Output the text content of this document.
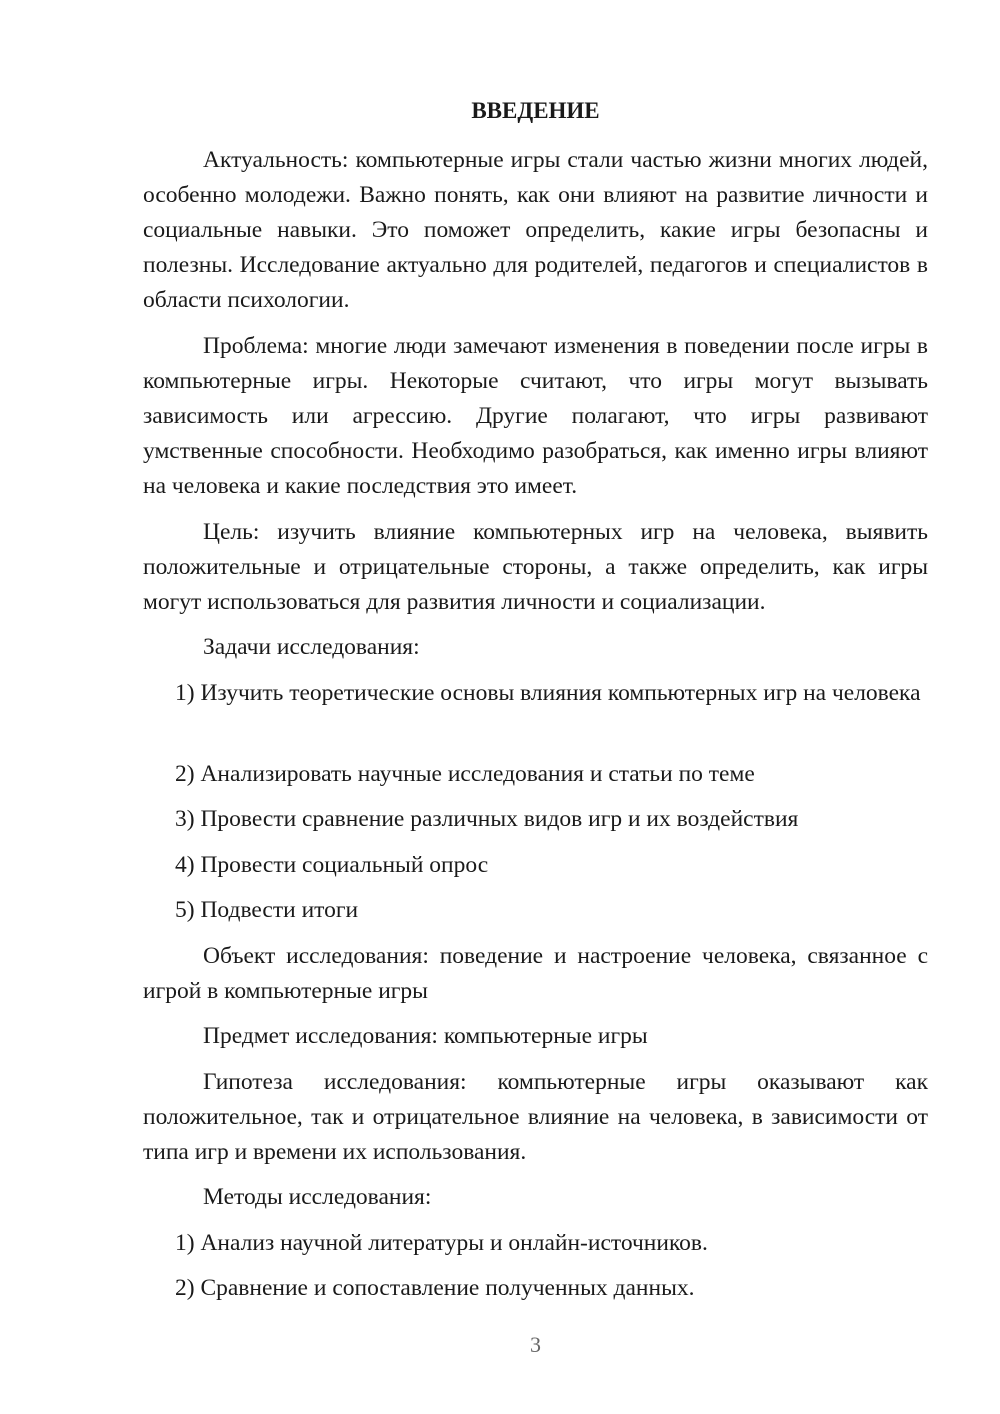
ВВЕДЕНИЕ

Актуальность: компьютерные игры стали частью жизни многих людей, особенно молодежи. Важно понять, как они влияют на развитие личности и социальные навыки. Это поможет определить, какие игры безопасны и полезны. Исследование актуально для родителей, педагогов и специалистов в области психологии.

Проблема: многие люди замечают изменения в поведении после игры в компьютерные игры. Некоторые считают, что игры могут вызывать зависимость или агрессию. Другие полагают, что игры развивают умственные способности. Необходимо разобраться, как именно игры влияют на человека и какие последствия это имеет.

Цель: изучить влияние компьютерных игр на человека, выявить положительные и отрицательные стороны, а также определить, как игры могут использоваться для развития личности и социализации.

Задачи исследования:

1) Изучить теоретические основы влияния компьютерных игр на человека

2) Анализировать научные исследования и статьи по теме

3) Провести сравнение различных видов игр и их воздействия

4) Провести социальный опрос

5) Подвести итоги

Объект исследования: поведение и настроение человека, связанное с игрой в компьютерные игры

Предмет исследования: компьютерные игры

Гипотеза исследования: компьютерные игры оказывают как положительное, так и отрицательное влияние на человека, в зависимости от типа игр и времени их использования.

Методы исследования:

1) Анализ научной литературы и онлайн-источников.

2) Сравнение и сопоставление полученных данных.

3
